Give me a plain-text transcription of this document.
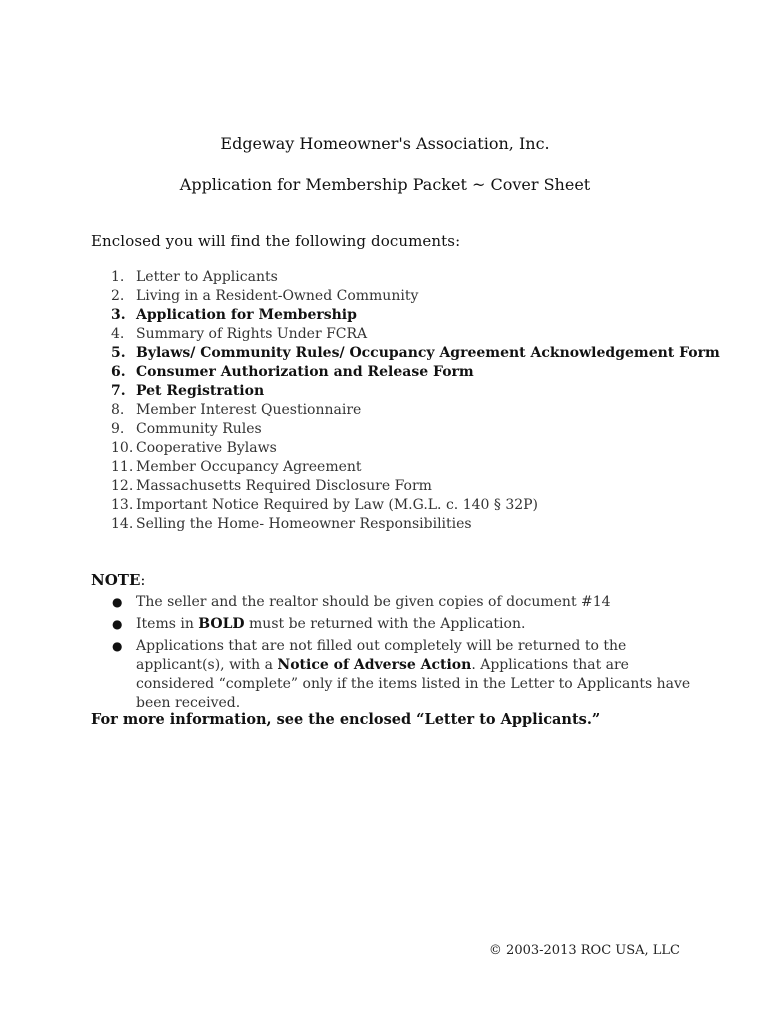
Edgeway Homeowner's Association, Inc.
Application for Membership Packet ~ Cover Sheet
Enclosed you will find the following documents:
1. Letter to Applicants
2. Living in a Resident-Owned Community
3. Application for Membership
4. Summary of Rights Under FCRA
5. Bylaws/ Community Rules/ Occupancy Agreement Acknowledgement Form
6. Consumer Authorization and Release Form
7. Pet Registration
8. Member Interest Questionnaire
9. Community Rules
10. Cooperative Bylaws
11. Member Occupancy Agreement
12. Massachusetts Required Disclosure Form
13. Important Notice Required by Law (M.G.L. c. 140 § 32P)
14. Selling the Home- Homeowner Responsibilities
NOTE:
● The seller and the realtor should be given copies of document #14
● Items in BOLD must be returned with the Application.
● Applications that are not filled out completely will be returned to the applicant(s), with a Notice of Adverse Action. Applications that are considered “complete” only if the items listed in the Letter to Applicants have been received.
For more information, see the enclosed “Letter to Applicants.”
© 2003-2013 ROC USA, LLC
